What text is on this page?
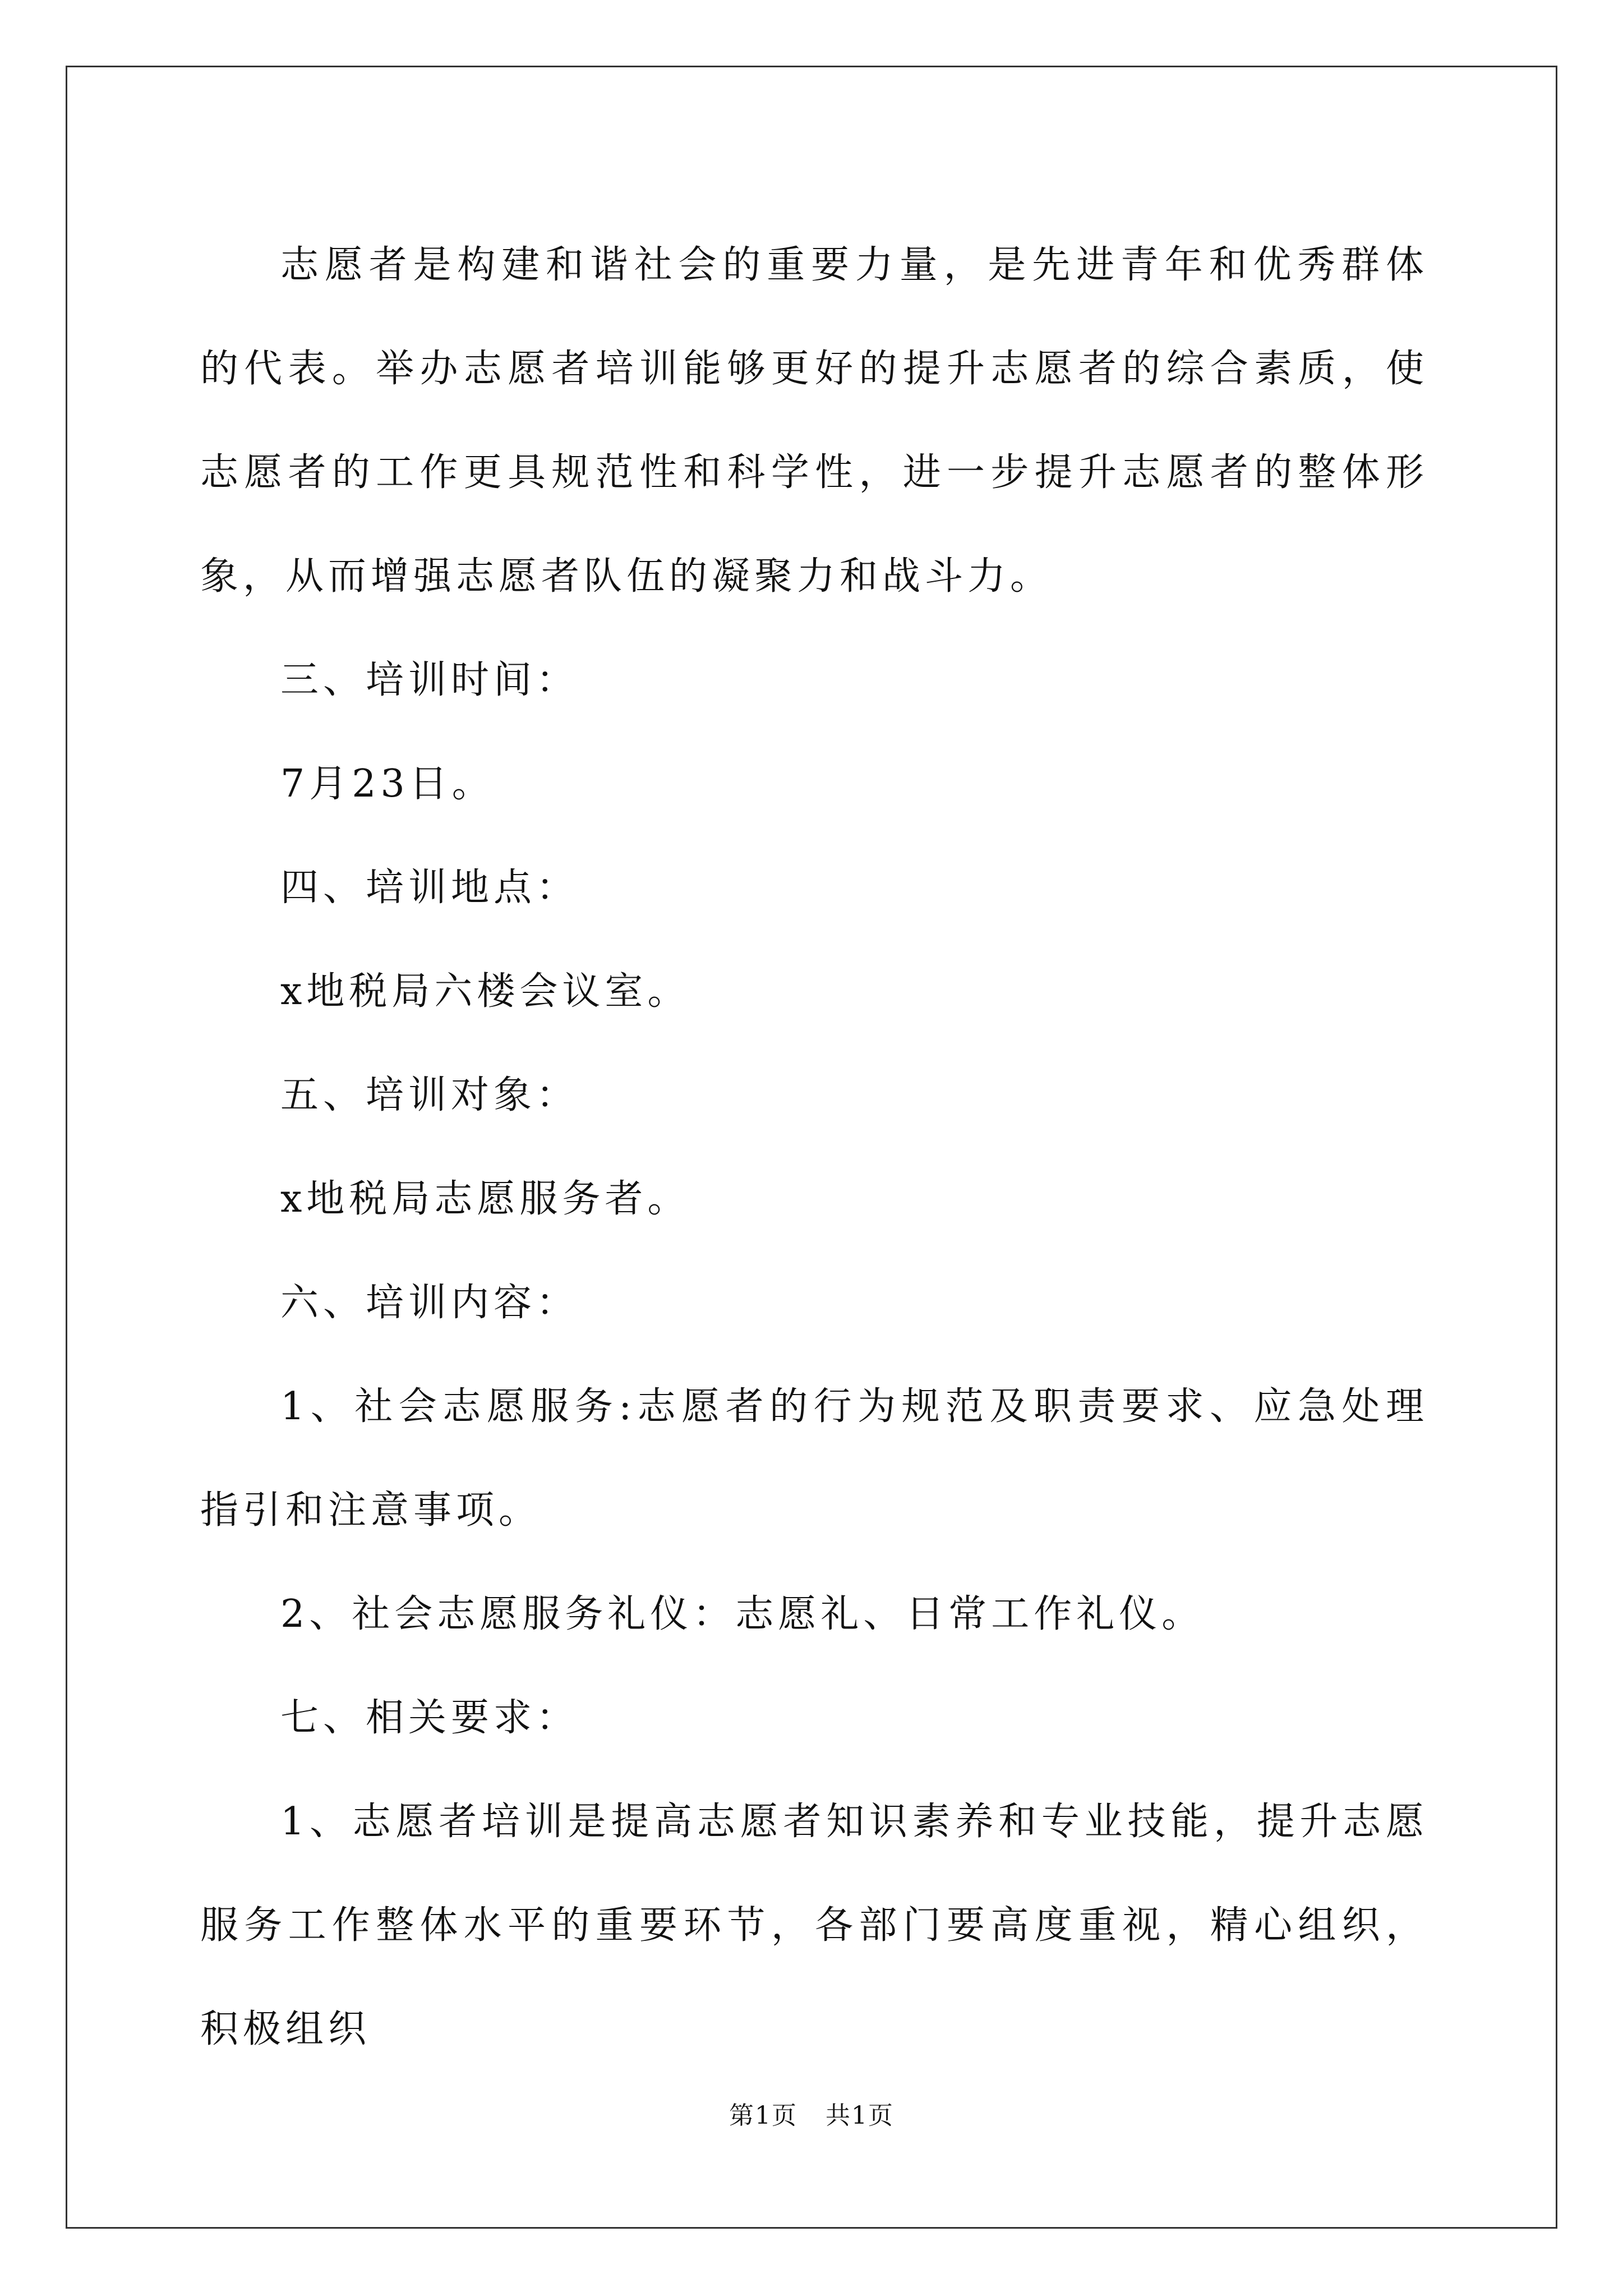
志愿者是构建和谐社会的重要力量，是先进青年和优秀群体的代表。举办志愿者培训能够更好的提升志愿者的综合素质，使志愿者的工作更具规范性和科学性，进一步提升志愿者的整体形象，从而增强志愿者队伍的凝聚力和战斗力。

三、培训时间：

7月23日。

四、培训地点：

x地税局六楼会议室。

五、培训对象：

x地税局志愿服务者。

六、培训内容：

1、社会志愿服务:志愿者的行为规范及职责要求、应急处理指引和注意事项。

2、社会志愿服务礼仪：志愿礼、日常工作礼仪。

七、相关要求：

1、志愿者培训是提高志愿者知识素养和专业技能，提升志愿服务工作整体水平的重要环节，各部门要高度重视，精心组织，积极组织

第1页 共1页
